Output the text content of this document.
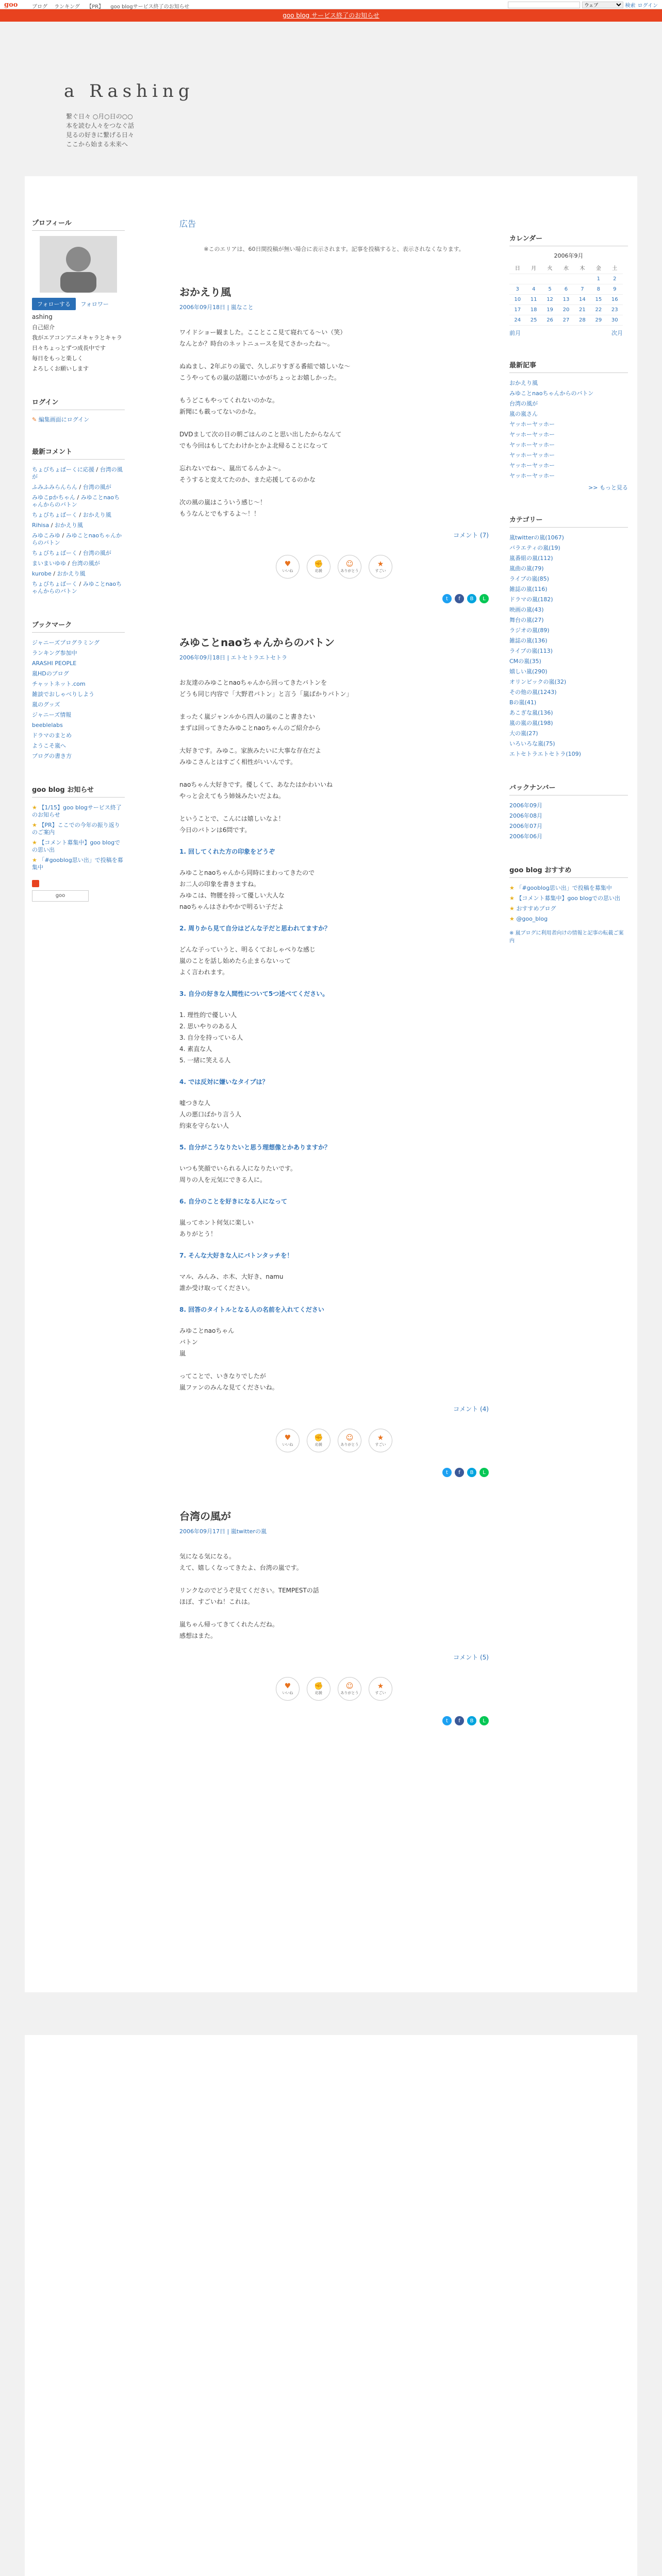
goo	ブログ ランキング 【PR】 goo blogサービス終了のお知らせ
ウェブ	検索 ログイン
goo blog サービス終了のお知らせ
a Rashing
繋ぐ日々 ○月○日の○○
本を読む人々をつなぐ話
見るの好きに繋げる日々
ここから始まる未来へ
プロフィール
フォローする フォロワー
ashing
自己紹介
我がエアコンアニメキャラとキャラ
日々ちょっとずつ成長中です
毎日をもっと楽しく
よろしくお願いします
ログイン
✎ 編集画面にログイン
最新コメント
ちょびちょばーくに応援 / 台湾の風が
ふみふみらんらん / 台湾の風が
みゆこpかちゃん / みゆことnaoちゃんからのバトン
ちょびちょばーく / おかえり風
Rihisa / おかえり風
みゆこみゆ / みゆことnaoちゃんからのバトン
ちょびちょばーく / 台湾の風が
まいまいゆゆ / 台湾の風が
kurobe / おかえり風
ちょびちょばーく / みゆことnaoちゃんからのバトン
ブックマーク
ジャニーズプログラミング
ランキング参加中
ARASHI PEOPLE
嵐HDのブログ
チャットネット.com
雑談でおしゃべりしよう
嵐のグッズ
ジャニーズ情報
beeblelabs
ドラマのまとめ
ようこそ嵐へ
ブログの書き方
goo blog お知らせ
★ 【1/15】goo blogサービス終了のお知らせ
★ 【PR】ここでの今年の振り返りのご案内
★ 【コメント募集中】goo blogでの思い出
★ 「#gooblog思い出」で投稿を募集中
goo
広告
※このエリアは、60日間投稿が無い場合に表示されます。記事を投稿すると、表示されなくなります。
おかえり風
2006年09月18日 | 嵐なこと

ワイドショー観ました。こことここ見て寝れてる〜い（笑）
なんとか？時台のネットニュースを見てさかったね〜。

ぬぬまし、2年ぶりの嵐で、久しぶりすぎる番組で嬉しいな〜
こうやってもの嵐の話題にいかがちょっとお嬉しかった。

もうどこもやってくれないのかな。
新聞にも載ってないのかな。

DVDまして次の日の朝ごはんのこと思い出したからなんて
でも今回はもしてたわけかとかよ北帰ることになって

忘れないでね〜、嵐出てるんかよ〜。
そうすると変えてたのか、また応援してるのかな

次の風の嵐はこういう感じ〜！
もうなんとでもするよ〜！！

コメント (7)
♥
いいね
✊
応援
☺
ありがとう
★
すごい
t	f	B	L
みゆことnaoちゃんからのバトン
2006年09月18日 | エトセトラエトセトラ

お友達のみゆことnaoちゃんから回ってきたバトンを
どうも同じ内容で「大野君バトン」と言う「嵐ばかりバトン」

まったく嵐ジャンルから四人の嵐のこと書きたい
まずは回ってきたみゆことnaoちゃんのご紹介から

大好きです。みゆこ。家族みたいに大事な存在だよ
みゆこさんとはすごく相性がいいんです。

naoちゃん大好きです。優しくて、あなたはかわいいね
やっと会えてもう姉妹みたいだよね。

ということで、こんには嬉しいなよ！
今日のバトンは6問です。

1. 回してくれた方の印象をどうぞ

みゆことnaoちゃんから同時にまわってきたので
お二人の印象を書きますね。
みゆこは、物腰を持って優しい大人な
naoちゃんはさわやかで明るい子だよ

2. 周りから見て自分はどんな子だと思われてますか？

どんな子っていうと、明るくておしゃべりな感じ
嵐のことを話し始めたら止まらないって
よく言われます。

3. 自分の好きな人間性について5つ述べてください。

1. 理性的で優しい人
2. 思いやりのある人
3. 自分を持っている人
4. 素直な人
5. 一緒に笑える人

4. では反対に嫌いなタイプは？

嘘つきな人
人の悪口ばかり言う人
約束を守らない人

5. 自分がこうなりたいと思う理想像とかありますか？

いつも笑顔でいられる人になりたいです。
周りの人を元気にできる人に。

6. 自分のことを好きになる人になって

嵐ってホント何気に楽しい
ありがとう！

7. そんな大好きな人にバトンタッチを！

マル、みんみ、ホ木、大好き、namu
誰か受け取ってください。

8. 回答のタイトルとなる人の名前を入れてください

みゆことnaoちゃん
バトン
嵐

ってことで、いきなりでしたが
嵐ファンのみんな見てくださいね。

コメント (4)
♥
いいね
✊
応援
☺
ありがとう
★
すごい
t	f	B	L
台湾の風が
2006年09月17日 | 嵐twitterの嵐

気になる気になる。
えて、嬉しくなってきたよ、台湾の嵐です。

リンクなのでどうぞ見てください。TEMPESTの話
ほぼ、すごいね！これは。

嵐ちゃん帰ってきてくれたんだね。
感想はまた。

コメント (5)
♥
いいね
✊
応援
☺
ありがとう
★
すごい
t	f	B	L
カレンダー
2006年9月
日	月	火	水	木	金	土
					1	2
3	4	5	6	7	8	9
10	11	12	13	14	15	16
17	18	19	20	21	22	23
24	25	26	27	28	29	30
前月	次月
最新記事
おかえり風
みゆことnaoちゃんからのバトン
台湾の風が
嵐の嵐さん
ヤッホーヤッホー
ヤッホーヤッホー
ヤッホーヤッホー
ヤッホーヤッホー
ヤッホーヤッホー
ヤッホーヤッホー
>> もっと見る
カテゴリー
嵐twitterの嵐(1067)
バラエティの嵐(19)
嵐番組の嵐(112)
嵐曲の嵐(79)
ライブの嵐(85)
雑誌の嵐(116)
ドラマの嵐(182)
映画の嵐(43)
舞台の嵐(27)
ラジオの嵐(89)
雑誌の嵐(136)
ライブの嵐(113)
CMの嵐(35)
嬉しい嵐(290)
オリンピックの嵐(32)
その他の嵐(1243)
Bの嵐(41)
あこぎな嵐(136)
嵐の嵐の嵐(198)
大の嵐(27)
いろいろな嵐(75)
エトセトラエトセトラ(109)
バックナンバー
2006年09月
2006年08月
2006年07月
2006年06月
goo blog おすすめ
★ 「#gooblog思い出」で投稿を募集中
★ 【コメント募集中】goo blogでの思い出
★ おすすめブログ
★ @goo_blog
※ 嵐ブログに利用者向けの情報と記事の転載ご案内
